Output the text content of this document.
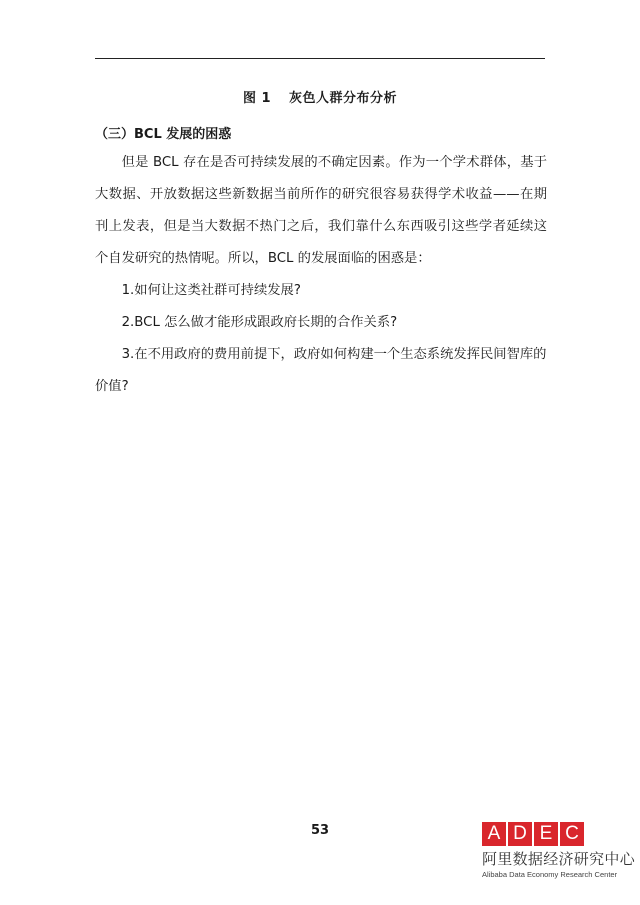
图 1 灰色人群分布分析
（三）BCL 发展的困惑

但是 BCL 存在是否可持续发展的不确定因素。作为一个学术群体，基于大数据、开放数据这些新数据当前所作的研究很容易获得学术收益——在期刊上发表，但是当大数据不热门之后，我们靠什么东西吸引这些学者延续这个自发研究的热情呢。所以，BCL 的发展面临的困惑是：

1.如何让这类社群可持续发展?

2.BCL 怎么做才能形成跟政府长期的合作关系?

3.在不用政府的费用前提下，政府如何构建一个生态系统发挥民间智库的价值?

53	A D E C
阿里数据经济研究中心
Alibaba Data Economy Research Center
